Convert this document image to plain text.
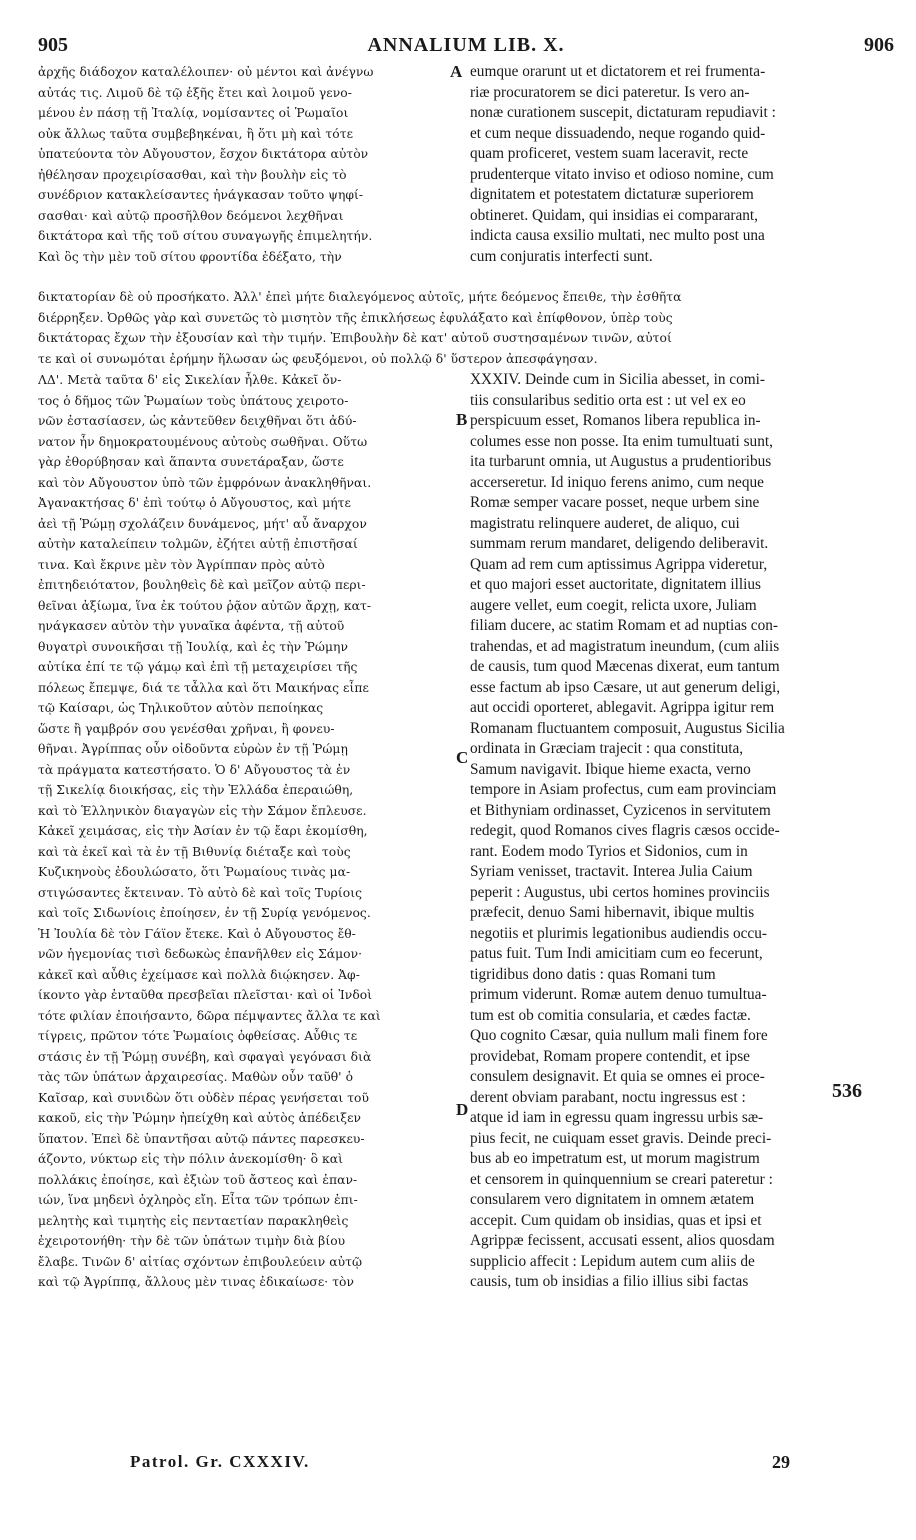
905	ANNALIUM LIB. X.	906
ἀρχῆς διάδοχον καταλέλοιπεν· οὐ μέντοι καὶ ἀνέγνω
αὐτάς τις. Λιμοῦ δὲ τῷ ἑξῆς ἔτει καὶ λοιμοῦ γενο-
μένου ἐν πάσῃ τῇ Ἰταλίᾳ, νομίσαντες οἱ Ῥωμαῖοι
οὐκ ἄλλως ταῦτα συμβεβηκέναι, ἢ ὅτι μὴ καὶ τότε
ὑπατεύοντα τὸν Αὔγουστον, ἔσχον δικτάτορα αὐτὸν
ἠθέλησαν προχειρίσασθαι, καὶ τὴν βουλὴν εἰς τὸ
συνέδριον κατακλείσαντες ἠνάγκασαν τοῦτο ψηφί-
σασθαι· καὶ αὐτῷ προσῆλθον δεόμενοι λεχθῆναι
δικτάτορα καὶ τῆς τοῦ σίτου συναγωγῆς ἐπιμελητήν.
Καὶ ὃς τὴν μὲν τοῦ σίτου φροντίδα ἐδέξατο, τὴν
eumque orarunt ut et dictatorem et rei frumenta-
riæ procuratorem se dici pateretur. Is vero an-
nonæ curationem suscepit, dictaturam repudiavit :
et cum neque dissuadendo, neque rogando quid-
quam proficeret, vestem suam laceravit, recte
prudenterque vitato inviso et odioso nomine, cum
dignitatem et potestatem dictaturæ superiorem
obtineret. Quidam, qui insidias ei compararant,
indicta causa exsilio multati, nec multo post una
cum conjuratis interfecti sunt.
δικτατορίαν δὲ οὐ προσήκατο. Ἀλλ' ἐπεὶ μήτε διαλεγόμενος αὐτοῖς, μήτε δεόμενος ἔπειθε, τὴν ἐσθῆτα
διέρρηξεν. Ὀρθῶς γὰρ καὶ συνετῶς τὸ μισητὸν τῆς ἐπικλήσεως ἐφυλάξατο καὶ ἐπίφθονον, ὑπὲρ τοὺς
δικτάτορας ἔχων τὴν ἐξουσίαν καὶ τὴν τιμήν. Ἐπιβουλὴν δὲ κατ' αὐτοῦ συστησαμένων τινῶν, αὐτοί
τε καὶ οἱ συνωμόται ἐρήμην ἥλωσαν ὡς φευξόμενοι, οὐ πολλῷ δ' ὕστερον ἀπεσφάγησαν.
ΛΔ'. Μετὰ ταῦτα δ' εἰς Σικελίαν ἦλθε. Κἀκεῖ ὄν-
τος ὁ δῆμος τῶν Ῥωμαίων τοὺς ὑπάτους χειροτο-
νῶν ἐστασίασεν, ὡς κἀντεῦθεν δειχθῆναι ὅτι ἀδύ-
νατον ἦν δημοκρατουμένους αὐτοὺς σωθῆναι. Οὕτω
γὰρ ἐθορύβησαν καὶ ἅπαντα συνετάραξαν, ὥστε
καὶ τὸν Αὔγουστον ὑπὸ τῶν ἐμφρόνων ἀνακληθῆναι.
Ἀγανακτήσας δ' ἐπὶ τούτῳ ὁ Αὔγουστος, καὶ μήτε
ἀεὶ τῇ Ῥώμῃ σχολάζειν δυνάμενος, μήτ' αὖ ἄναρχον
αὐτὴν καταλείπειν τολμῶν, ἐζήτει αὐτῇ ἐπιστῆσαί
τινα. Καὶ ἔκρινε μὲν τὸν Ἀγρίππαν πρὸς αὐτὸ
ἐπιτηδειότατον, βουληθεὶς δὲ καὶ μεῖζον αὐτῷ περι-
θεῖναι ἀξίωμα, ἵνα ἐκ τούτου ῥᾷον αὐτῶν ἄρχῃ, κατ-
ηνάγκασεν αὐτὸν τὴν γυναῖκα ἀφέντα, τῇ αὐτοῦ
θυγατρὶ συνοικῆσαι τῇ Ἰουλίᾳ, καὶ ἐς τὴν Ῥώμην
αὐτίκα ἐπί τε τῷ γάμῳ καὶ ἐπὶ τῇ μεταχειρίσει τῆς
πόλεως ἔπεμψε, διά τε τἆλλα καὶ ὅτι Μαικήνας εἶπε
τῷ Καίσαρι, ὡς Τηλικοῦτον αὐτὸν πεποίηκας
ὥστε ἢ γαμβρόν σου γενέσθαι χρῆναι, ἢ φονευ-
θῆναι. Ἀγρίππας οὖν οἰδοῦντα εὑρὼν ἐν τῇ Ῥώμῃ
τὰ πράγματα κατεστήσατο. Ὁ δ' Αὔγουστος τὰ ἐν
τῇ Σικελίᾳ διοικήσας, εἰς τὴν Ἑλλάδα ἐπεραιώθη,
καὶ τὸ Ἑλληνικὸν διαγαγὼν εἰς τὴν Σάμον ἔπλευσε.
Κἀκεῖ χειμάσας, εἰς τὴν Ἀσίαν ἐν τῷ ἔαρι ἐκομίσθη,
καὶ τὰ ἐκεῖ καὶ τὰ ἐν τῇ Βιθυνίᾳ διέταξε καὶ τοὺς
Κυζικηνοὺς ἐδουλώσατο, ὅτι Ῥωμαίους τινὰς μα-
στιγώσαντες ἔκτειναν. Τὸ αὐτὸ δὲ καὶ τοῖς Τυρίοις
καὶ τοῖς Σιδωνίοις ἐποίησεν, ἐν τῇ Συρίᾳ γενόμενος.
Ἡ Ἰουλία δὲ τὸν Γάϊον ἔτεκε. Καὶ ὁ Αὔγουστος ἔθ-
νῶν ἡγεμονίας τισὶ δεδωκὼς ἐπανῆλθεν εἰς Σάμον·
κἀκεῖ καὶ αὖθις ἐχείμασε καὶ πολλὰ διῴκησεν. Ἀφ-
ίκοντο γὰρ ἐνταῦθα πρεσβεῖαι πλεῖσται· καὶ οἱ Ἰνδοὶ
τότε φιλίαν ἐποιήσαντο, δῶρα πέμψαντες ἄλλα τε καὶ
τίγρεις, πρῶτον τότε Ῥωμαίοις ὀφθείσας. Αὖθις τε
στάσις ἐν τῇ Ῥώμῃ συνέβη, καὶ σφαγαὶ γεγόνασι διὰ
τὰς τῶν ὑπάτων ἀρχαιρεσίας. Μαθὼν οὖν ταῦθ' ὁ
Καῖσαρ, καὶ συνιδὼν ὅτι οὐδὲν πέρας γενήσεται τοῦ
κακοῦ, εἰς τὴν Ῥώμην ἠπείχθη καὶ αὐτὸς ἀπέδειξεν
ὕπατον. Ἐπεὶ δὲ ὑπαντῆσαι αὐτῷ πάντες παρεσκευ-
άζοντο, νύκτωρ εἰς τὴν πόλιν ἀνεκομίσθη· ὃ καὶ
πολλάκις ἐποίησε, καὶ ἐξιὼν τοῦ ἄστεος καὶ ἐπαν-
ιών, ἵνα μηδενὶ ὀχληρὸς εἴη. Εἶτα τῶν τρόπων ἐπι-
μελητὴς καὶ τιμητὴς εἰς πενταετίαν παρακληθεὶς
ἐχειροτονήθη· τὴν δὲ τῶν ὑπάτων τιμὴν διὰ βίου
ἔλαβε. Τινῶν δ' αἰτίας σχόντων ἐπιβουλεύειν αὐτῷ
καὶ τῷ Ἀγρίππᾳ, ἄλλους μὲν τινας ἐδικαίωσε· τὸν
XXXIV. Deinde cum in Sicilia abesset, in comi-
tiis consularibus seditio orta est : ut vel ex eo
perspicuum esset, Romanos libera republica in-
columes esse non posse. Ita enim tumultuati sunt,
ita turbarunt omnia, ut Augustus a prudentioribus
accerseretur. Id iniquo ferens animo, cum neque
Romæ semper vacare posset, neque urbem sine
magistratu relinquere auderet, de aliquo, cui
summam rerum mandaret, deligendo deliberavit.
Quam ad rem cum aptissimus Agrippa videretur,
et quo majori esset auctoritate, dignitatem illius
augere vellet, eum coegit, relicta uxore, Juliam
filiam ducere, ac statim Romam et ad nuptias con-
trahendas, et ad magistratum ineundum, (cum aliis
de causis, tum quod Mæcenas dixerat, eum tantum
esse factum ab ipso Cæsare, ut aut generum deligi,
aut occidi oporteret, ablegavit. Agrippa igitur rem
Romanam fluctuantem composuit, Augustus Sicilia
ordinata in Græciam trajecit : qua constituta,
Samum navigavit. Ibique hieme exacta, verno
tempore in Asiam profectus, cum eam provinciam
et Bithyniam ordinasset, Cyzicenos in servitutem
redegit, quod Romanos cives flagris cæsos occide-
rant. Eodem modo Tyrios et Sidonios, cum in
Syriam venisset, tractavit. Interea Julia Caium
peperit : Augustus, ubi certos homines provinciis
præfecit, denuo Sami hibernavit, ibique multis
negotiis et plurimis legationibus audiendis occu-
patus fuit. Tum Indi amicitiam cum eo fecerunt,
tigridibus dono datis : quas Romani tum
primum viderunt. Romæ autem denuo tumultua-
tum est ob comitia consularia, et cædes factæ.
Quo cognito Cæsar, quia nullum mali finem fore
providebat, Romam propere contendit, et ipse
consulem designavit. Et quia se omnes ei proce-
derent obviam parabant, noctu ingressus est :
atque id iam in egressu quam ingressu urbis sæ-
pius fecit, ne cuiquam esset gravis. Deinde preci-
bus ab eo impetratum est, ut morum magistrum
et censorem in quinquennium se creari pateretur :
consularem vero dignitatem in omnem ætatem
accepit. Cum quidam ob insidias, quas et ipsi et
Agrippæ fecissent, accusati essent, alios quosdam
supplicio affecit : Lepidum autem cum aliis de
causis, tum ob insidias a filio illius sibi factas
A
B
C
D
536
Patrol. Gr. CXXXIV.	29
